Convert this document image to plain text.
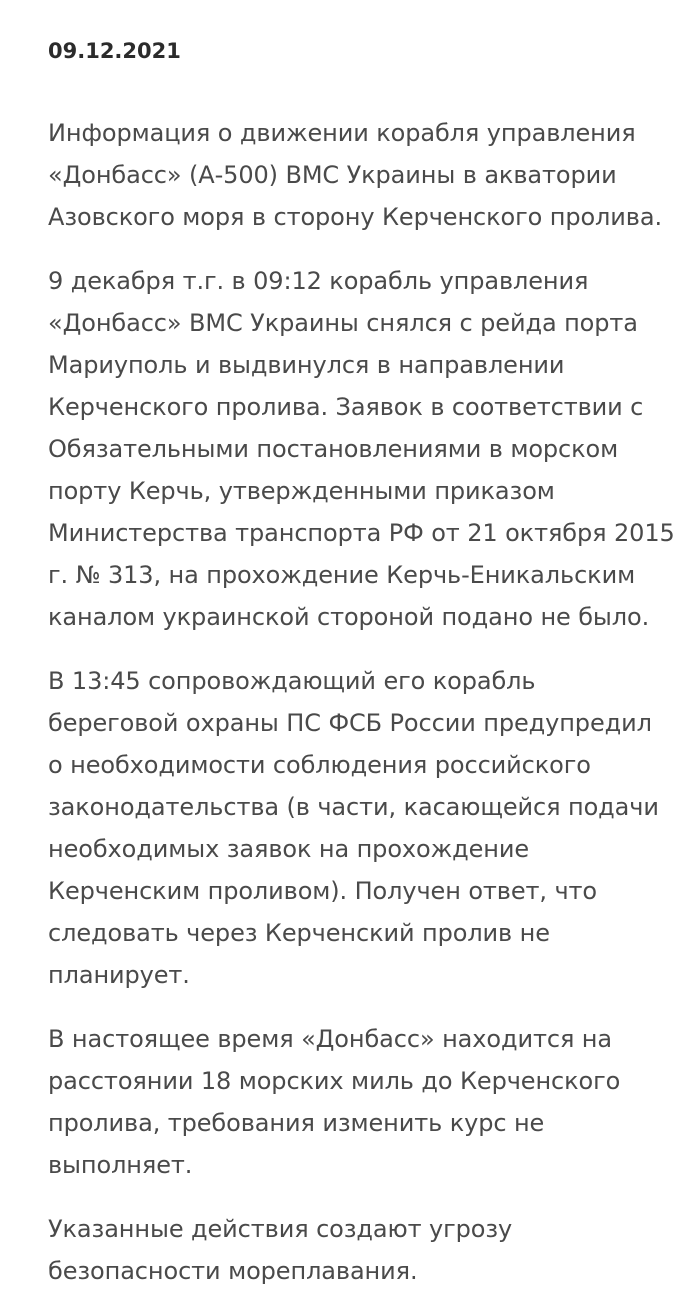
09.12.2021

Информация о движении корабля управления
«Донбасс» (А-500) ВМС Украины в акватории
Азовского моря в сторону Керченского пролива.

9 декабря т.г. в 09:12 корабль управления
«Донбасс» ВМС Украины снялся с рейда порта
Мариуполь и выдвинулся в направлении
Керченского пролива. Заявок в соответствии с
Обязательными постановлениями в морском
порту Керчь, утвержденными приказом
Министерства транспорта РФ от 21 октября 2015
г. № 313, на прохождение Керчь-Еникальским
каналом украинской стороной подано не было.

В 13:45 сопровождающий его корабль
береговой охраны ПС ФСБ России предупредил
о необходимости соблюдения российского
законодательства (в части, касающейся подачи
необходимых заявок на прохождение
Керченским проливом). Получен ответ, что
следовать через Керченский пролив не
планирует.

В настоящее время «Донбасс» находится на
расстоянии 18 морских миль до Керченского
пролива, требования изменить курс не
выполняет.

Указанные действия создают угрозу
безопасности мореплавания.
